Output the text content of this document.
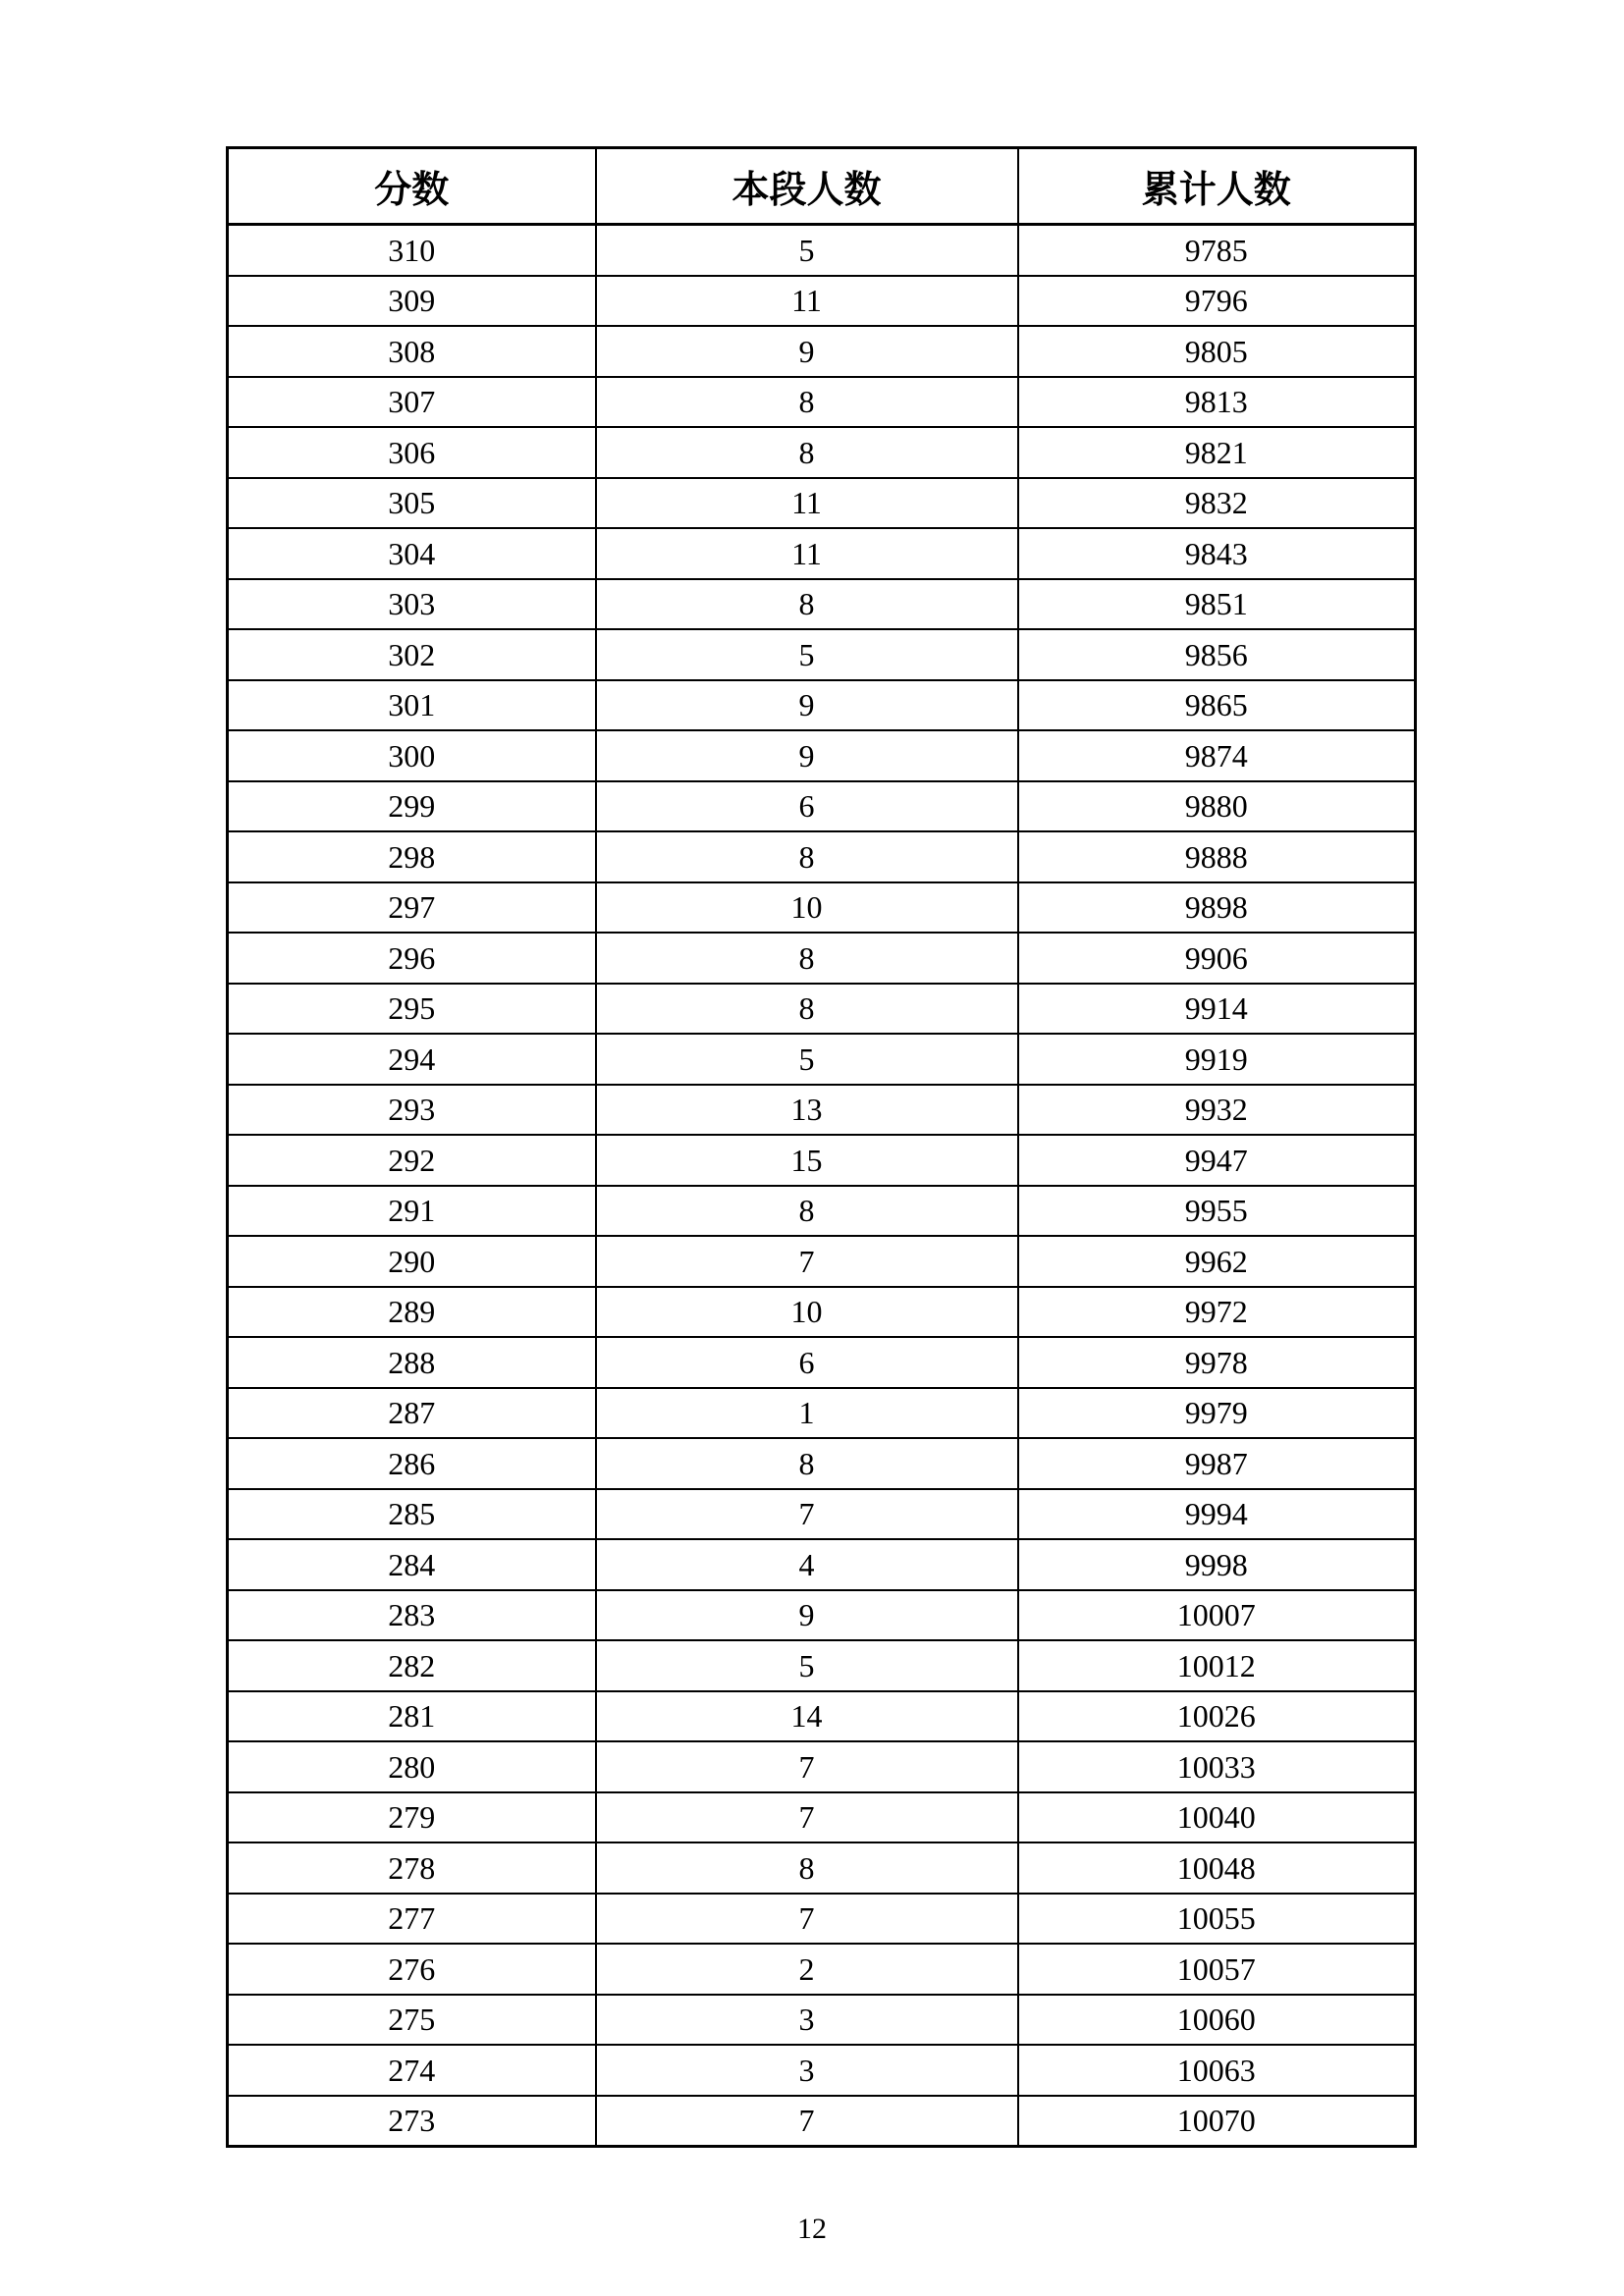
分数	本段人数	累计人数
310	5	9785
309	11	9796
308	9	9805
307	8	9813
306	8	9821
305	11	9832
304	11	9843
303	8	9851
302	5	9856
301	9	9865
300	9	9874
299	6	9880
298	8	9888
297	10	9898
296	8	9906
295	8	9914
294	5	9919
293	13	9932
292	15	9947
291	8	9955
290	7	9962
289	10	9972
288	6	9978
287	1	9979
286	8	9987
285	7	9994
284	4	9998
283	9	10007
282	5	10012
281	14	10026
280	7	10033
279	7	10040
278	8	10048
277	7	10055
276	2	10057
275	3	10060
274	3	10063
273	7	10070
12
